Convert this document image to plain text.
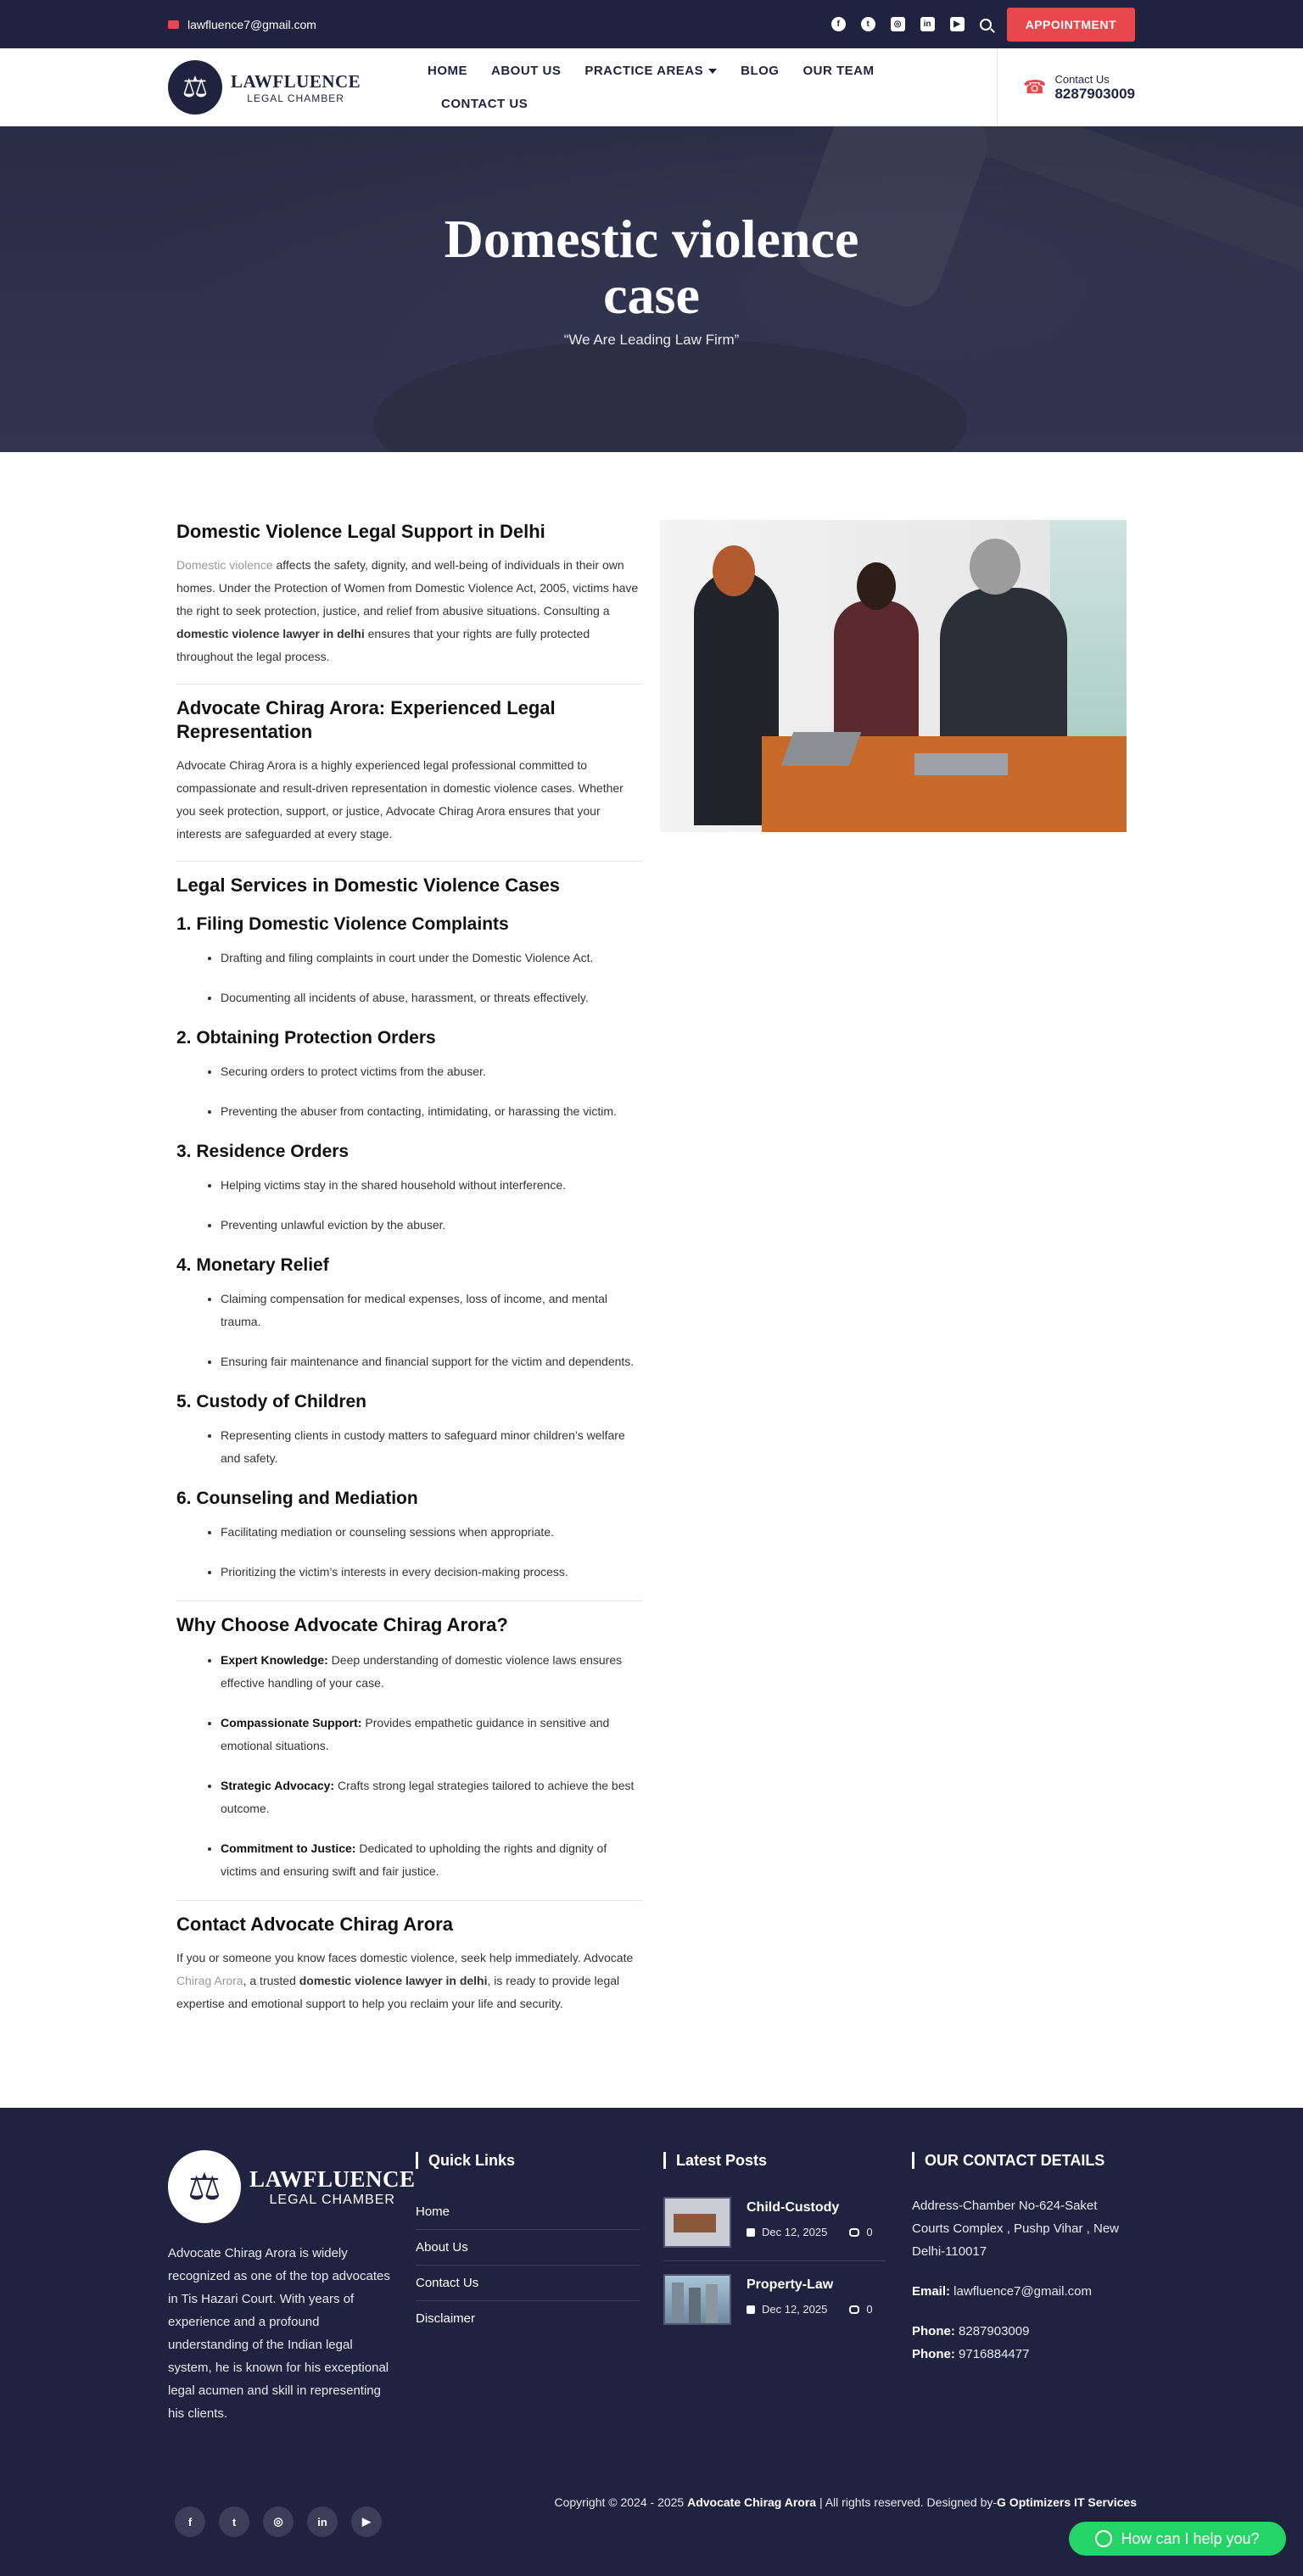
lawfluence7@gmail.com	f	t	◎	in	▶	APPOINTMENT
⚖	LAWFLUENCE
LEGAL CHAMBER
HOME	ABOUT US	PRACTICE AREAS	BLOG	OUR TEAM
CONTACT US
☎ Contact Us
8287903009
Domestic violence case
“We Are Leading Law Firm”
Domestic Violence Legal Support in Delhi

Domestic violence affects the safety, dignity, and well-being of individuals in their own homes. Under the Protection of Women from Domestic Violence Act, 2005, victims have the right to seek protection, justice, and relief from abusive situations. Consulting a domestic violence lawyer in delhi ensures that your rights are fully protected throughout the legal process.

Advocate Chirag Arora: Experienced Legal Representation

Advocate Chirag Arora is a highly experienced legal professional committed to compassionate and result-driven representation in domestic violence cases. Whether you seek protection, support, or justice, Advocate Chirag Arora ensures that your interests are safeguarded at every stage.

Legal Services in Domestic Violence Cases
1. Filing Domestic Violence Complaints
• Drafting and filing complaints in court under the Domestic Violence Act.
• Documenting all incidents of abuse, harassment, or threats effectively.
2. Obtaining Protection Orders
• Securing orders to protect victims from the abuser.
• Preventing the abuser from contacting, intimidating, or harassing the victim.
3. Residence Orders
• Helping victims stay in the shared household without interference.
• Preventing unlawful eviction by the abuser.
4. Monetary Relief
• Claiming compensation for medical expenses, loss of income, and mental trauma.
• Ensuring fair maintenance and financial support for the victim and dependents.
5. Custody of Children
• Representing clients in custody matters to safeguard minor children’s welfare and safety.
6. Counseling and Mediation
• Facilitating mediation or counseling sessions when appropriate.
• Prioritizing the victim’s interests in every decision-making process.
Why Choose Advocate Chirag Arora?
• Expert Knowledge: Deep understanding of domestic violence laws ensures effective handling of your case.
• Compassionate Support: Provides empathetic guidance in sensitive and emotional situations.
• Strategic Advocacy: Crafts strong legal strategies tailored to achieve the best outcome.
• Commitment to Justice: Dedicated to upholding the rights and dignity of victims and ensuring swift and fair justice.
Contact Advocate Chirag Arora

If you or someone you know faces domestic violence, seek help immediately. Advocate Chirag Arora, a trusted domestic violence lawyer in delhi, is ready to provide legal expertise and emotional support to help you reclaim your life and security.

⚖	LAWFLUENCE
LEGAL CHAMBER
Advocate Chirag Arora is widely recognized as one of the top advocates in Tis Hazari Court. With years of experience and a profound understanding of the Indian legal system, he is known for his exceptional legal acumen and skill in representing his clients.
Quick Links
Home
About Us
Contact Us
Disclaimer
Latest Posts
Child-Custody
Dec 12, 2025	0
Property-Law
Dec 12, 2025	0
OUR CONTACT DETAILS
Address-Chamber No-624-Saket Courts Complex , Pushp Vihar , New Delhi-110017
Email: lawfluence7@gmail.com
Phone: 8287903009
Phone: 9716884477
Copyright © 2024 - 2025 Advocate Chirag Arora | All rights reserved. Designed by-G Optimizers IT Services
f	t	◎	in	▶
How can I help you?
